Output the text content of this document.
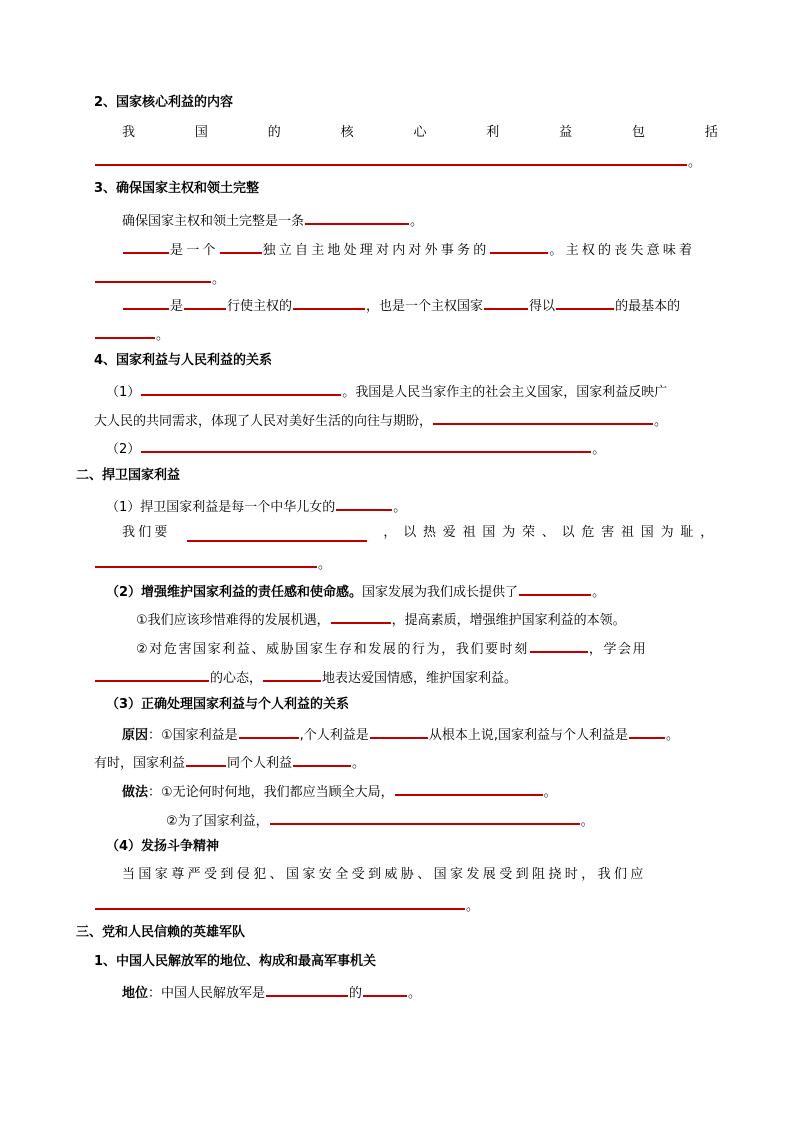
2、国家核心利益的内容
我	国	的	核	心	利	益	包	括
。
3、确保国家主权和领土完整
确保国家主权和领土完整是一条	。
是一个	独立自主地处理对内对外事务的	。主权的丧失意味着
。
是	行使主权的	，也是一个主权国家	得以	的最基本的
。
4、国家利益与人民利益的关系
（1）	。我国是人民当家作主的社会主义国家，国家利益反映广
大人民的共同需求，体现了人民对美好生活的向往与期盼，	。
（2）	。
二、捍卫国家利益
（1）捍卫国家利益是每一个中华儿女的	。
我们要	，以热爱祖国为荣、以危害祖国为耻，
。
（2）增强维护国家利益的责任感和使命感。国家发展为我们成长提供了	。
①我们应该珍惜难得的发展机遇，	，提高素质，增强维护国家利益的本领。
②对危害国家利益、威胁国家生存和发展的行为，我们要时刻	，学会用
的心态，	地表达爱国情感，维护国家利益。
（3）正确处理国家利益与个人利益的关系
原因：①国家利益是	,个人利益是	从根本上说,国家利益与个人利益是	。
有时，国家利益	同个人利益	。
做法：①无论何时何地，我们都应当顾全大局，	。
②为了国家利益，	。
（4）发扬斗争精神
当国家尊严受到侵犯、国家安全受到威胁、国家发展受到阻挠时，我们应
。
三、党和人民信赖的英雄军队
1、中国人民解放军的地位、构成和最高军事机关
地位：中国人民解放军是	的	。
